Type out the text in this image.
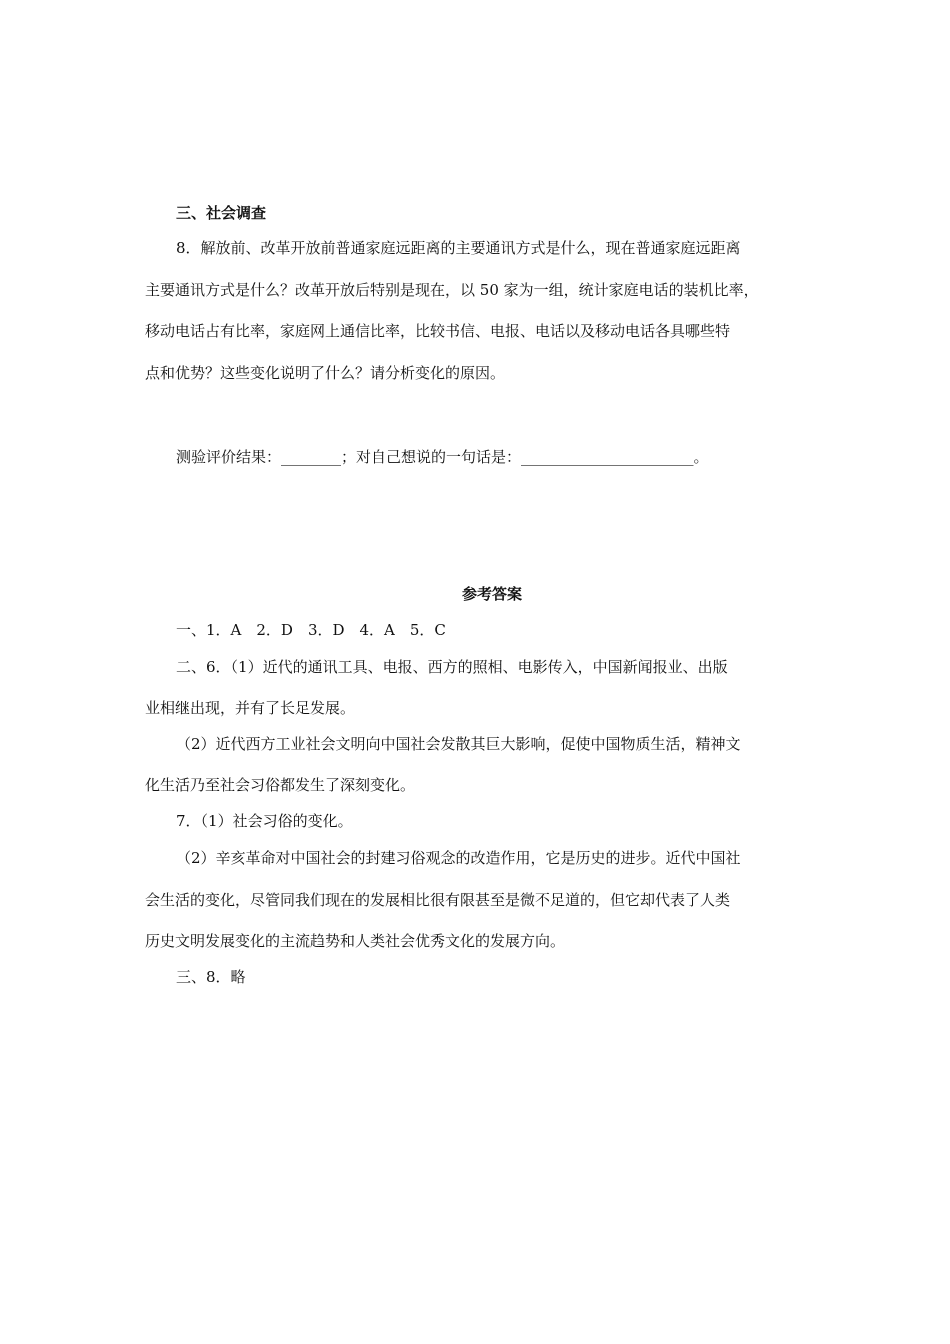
三、社会调查
8．解放前、改革开放前普通家庭远距离的主要通讯方式是什么，现在普通家庭远距离
主要通讯方式是什么？改革开放后特别是现在，以 50 家为一组，统计家庭电话的装机比率，
移动电话占有比率，家庭网上通信比率，比较书信、电报、电话以及移动电话各具哪些特
点和优势？这些变化说明了什么？请分析变化的原因。
测验评价结果：________；对自己想说的一句话是：_______________________。
参考答案
一、1．A　2．D　3．D　4．A　5．C
二、6．（1）近代的通讯工具、电报、西方的照相、电影传入，中国新闻报业、出版
业相继出现，并有了长足发展。
（2）近代西方工业社会文明向中国社会发散其巨大影响，促使中国物质生活，精神文
化生活乃至社会习俗都发生了深刻变化。
7．（1）社会习俗的变化。
（2）辛亥革命对中国社会的封建习俗观念的改造作用，它是历史的进步。近代中国社
会生活的变化，尽管同我们现在的发展相比很有限甚至是微不足道的，但它却代表了人类
历史文明发展变化的主流趋势和人类社会优秀文化的发展方向。
三、8．略
